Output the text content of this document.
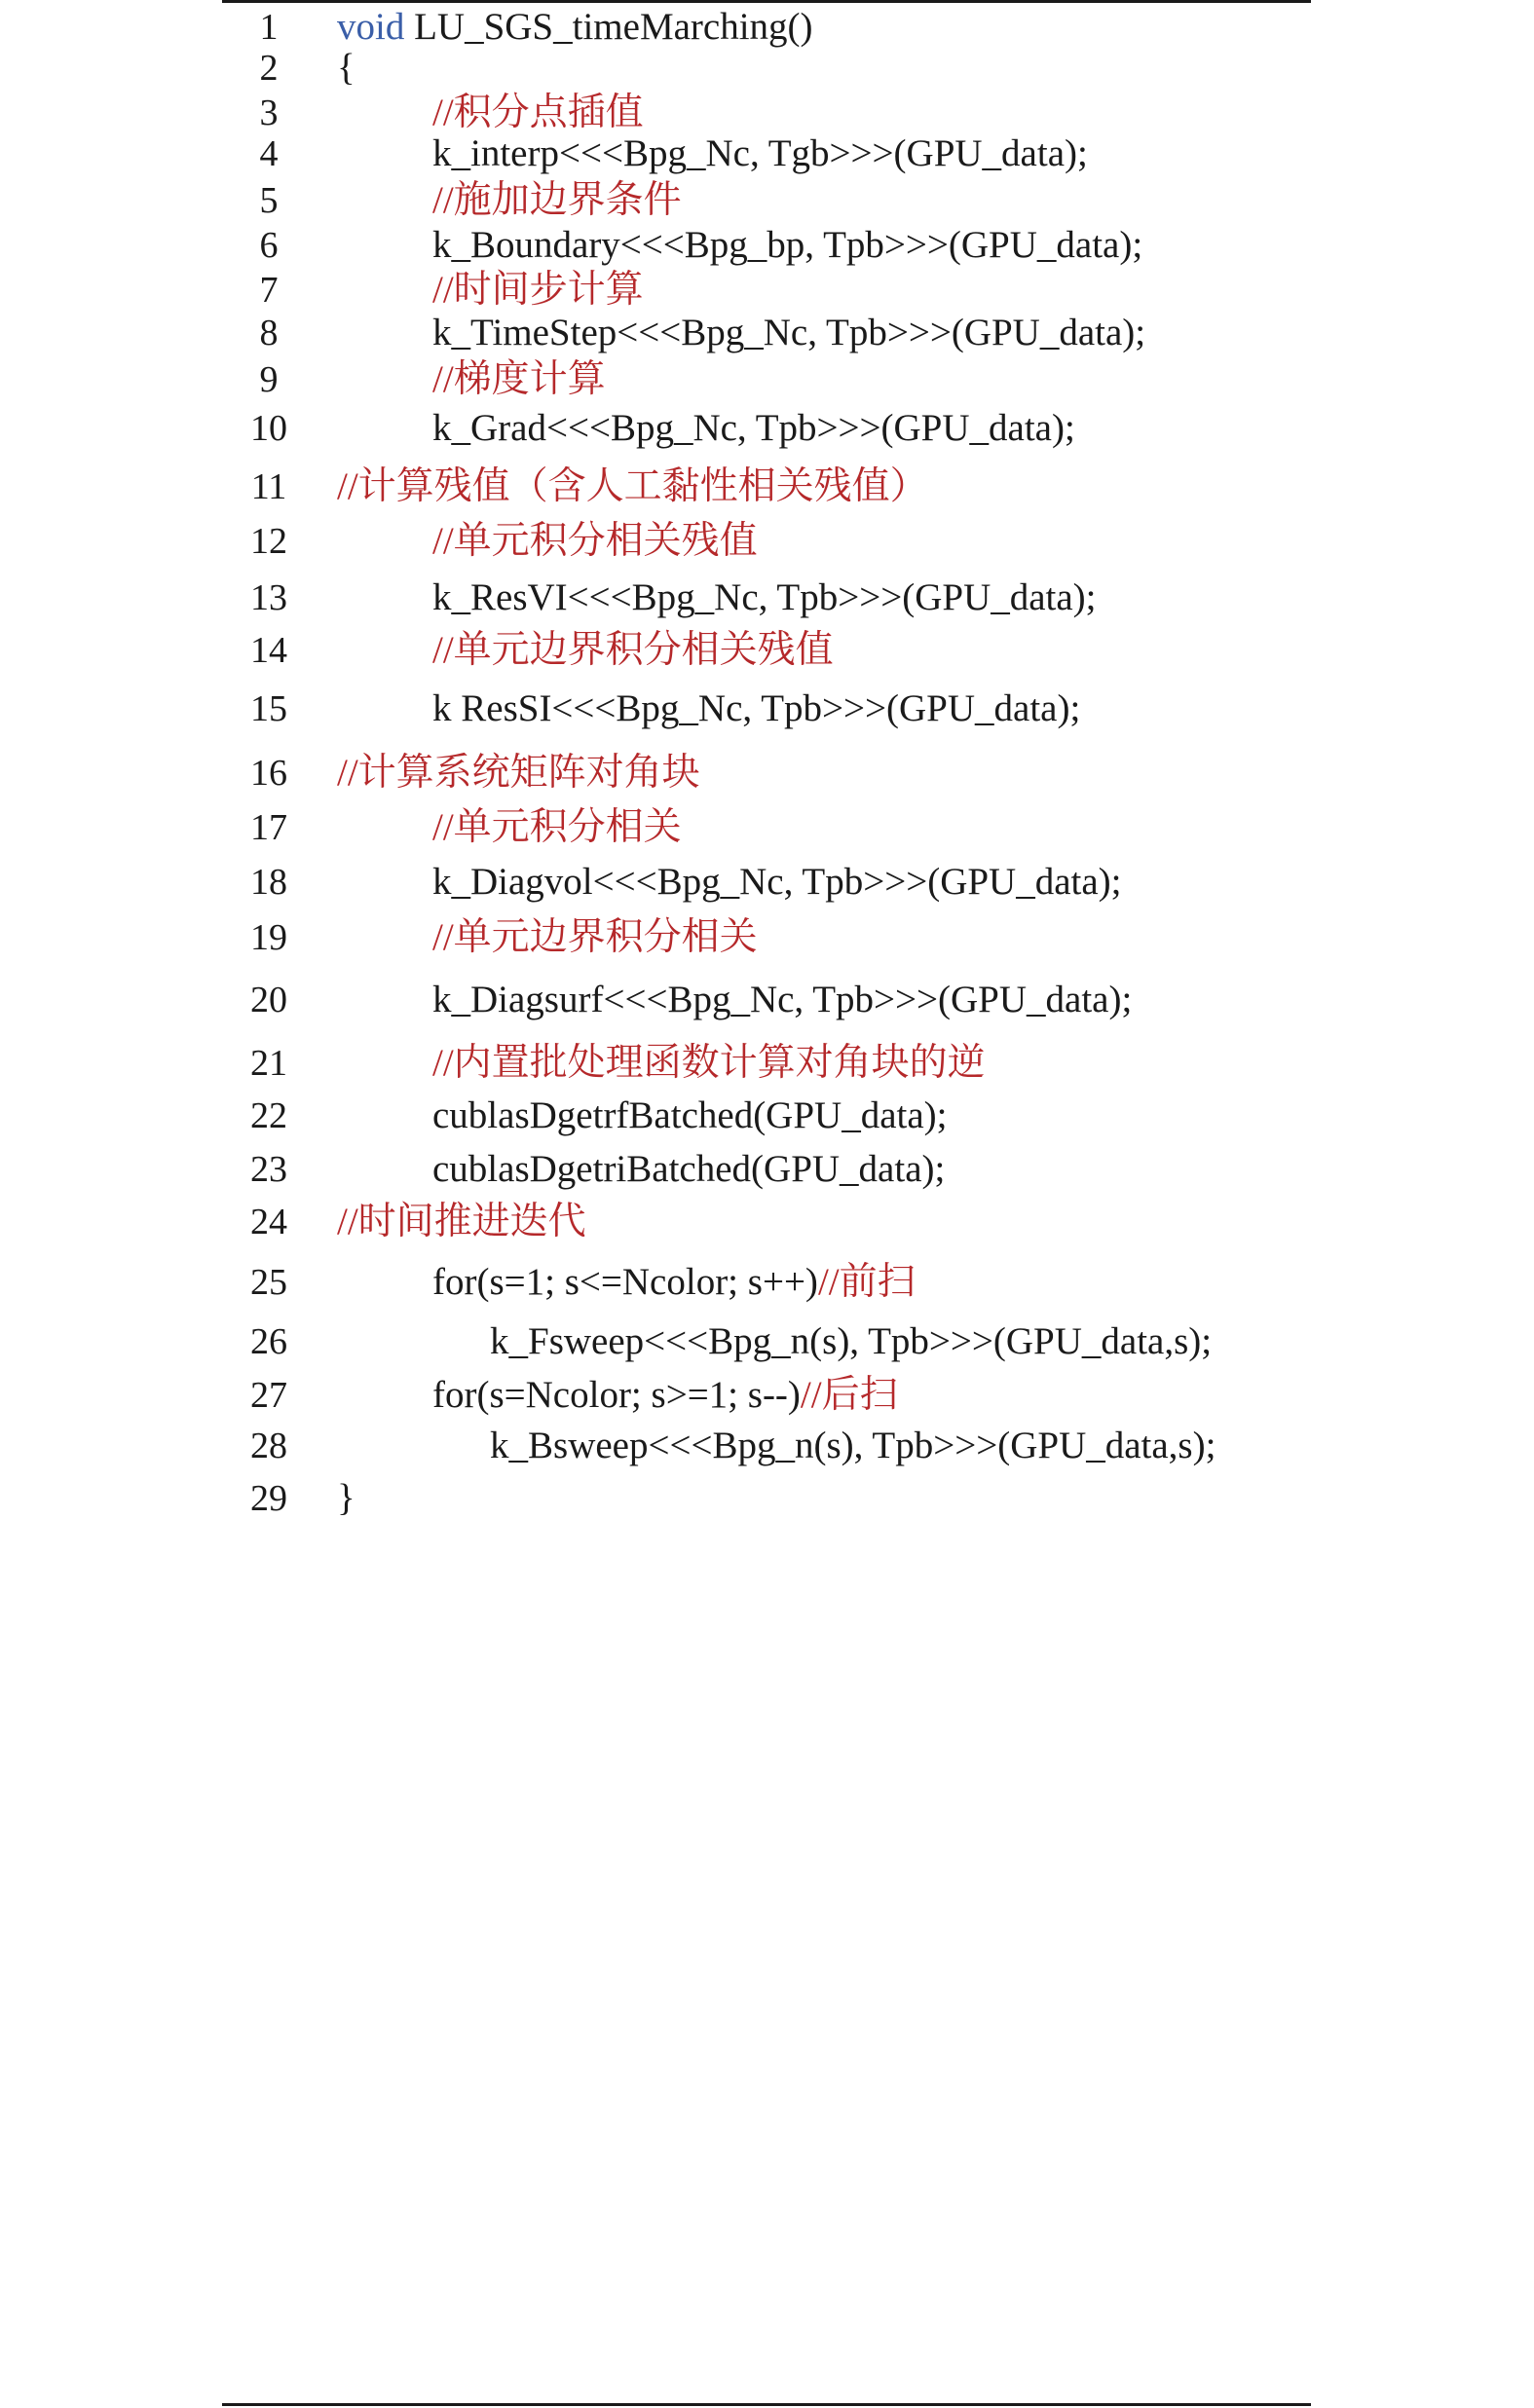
1	void LU_SGS_timeMarching()
2	{
3	//积分点插值
4	k_interp<<<Bpg_Nc, Tgb>>>(GPU_data);
5	//施加边界条件
6	k_Boundary<<<Bpg_bp, Tpb>>>(GPU_data);
7	//时间步计算
8	k_TimeStep<<<Bpg_Nc, Tpb>>>(GPU_data);
9	//梯度计算
10	k_Grad<<<Bpg_Nc, Tpb>>>(GPU_data);
11	//计算残值（含人工黏性相关残值）
12	//单元积分相关残值
13	k_ResVI<<<Bpg_Nc, Tpb>>>(GPU_data);
14	//单元边界积分相关残值
15	k ResSI<<<Bpg_Nc, Tpb>>>(GPU_data);
16	//计算系统矩阵对角块
17	//单元积分相关
18	k_Diagvol<<<Bpg_Nc, Tpb>>>(GPU_data);
19	//单元边界积分相关
20	k_Diagsurf<<<Bpg_Nc, Tpb>>>(GPU_data);
21	//内置批处理函数计算对角块的逆
22	cublasDgetrfBatched(GPU_data);
23	cublasDgetriBatched(GPU_data);
24	//时间推进迭代
25	for(s=1; s<=Ncolor; s++)//前扫
26	k_Fsweep<<<Bpg_n(s), Tpb>>>(GPU_data,s);
27	for(s=Ncolor; s>=1; s--)//后扫
28	k_Bsweep<<<Bpg_n(s), Tpb>>>(GPU_data,s);
29	}
